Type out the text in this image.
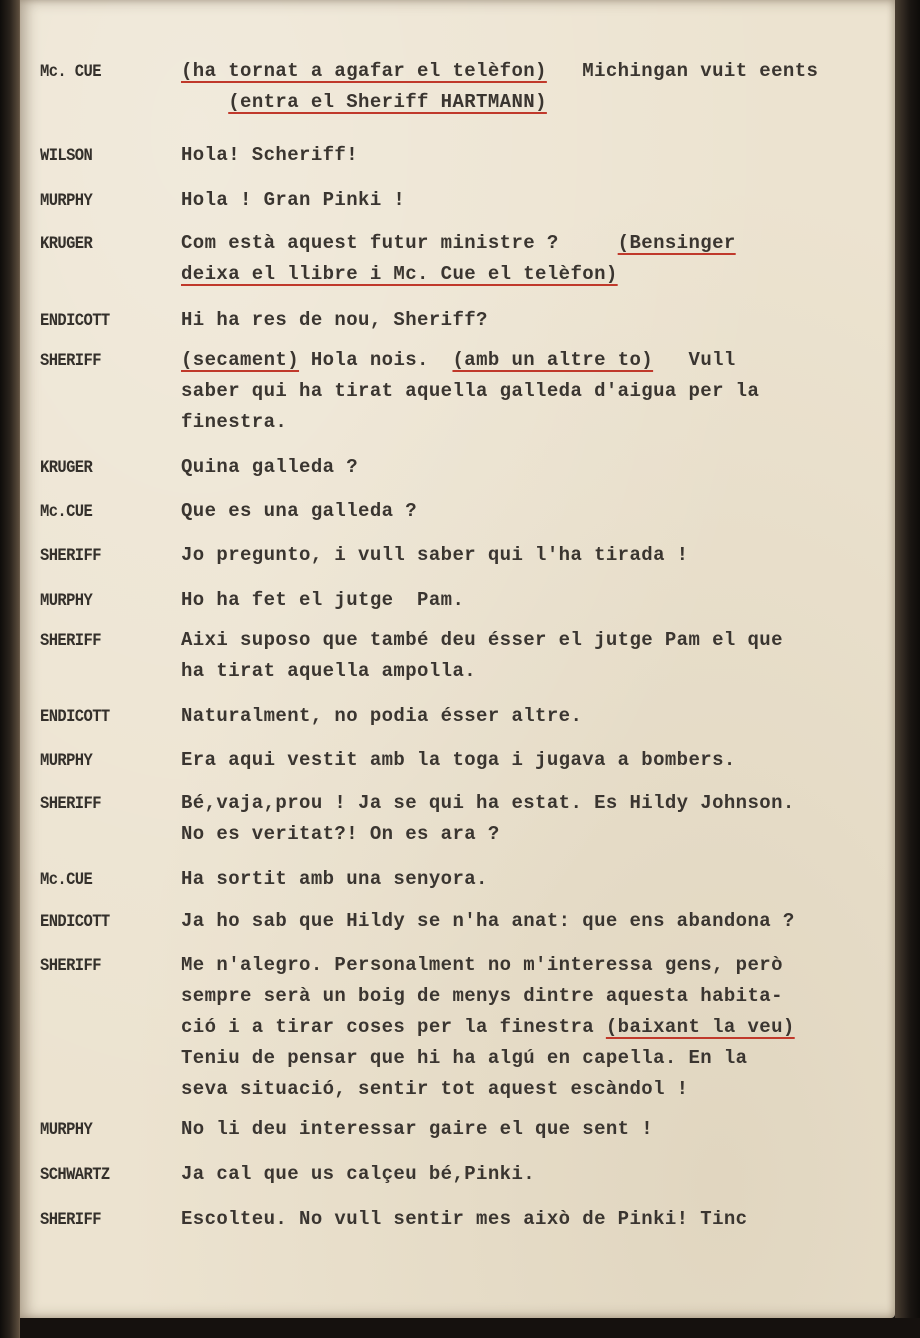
Mc. CUE	(ha tornat a agafar el telèfon)   Michingan vuit eents
(entra el Sheriff HARTMANN)
WILSON	Hola! Scheriff!
MURPHY	Hola ! Gran Pinki !
KRUGER	Com està aquest futur ministre ?     (Bensinger
deixa el llibre i Mc. Cue el telèfon)
ENDICOTT	Hi ha res de nou, Sheriff?
SHERIFF	(secament) Hola nois.  (amb un altre to)   Vull
saber qui ha tirat aquella galleda d'aigua per la
finestra.
KRUGER	Quina galleda ?
Mc.CUE	Que es una galleda ?
SHERIFF	Jo pregunto, i vull saber qui l'ha tirada !
MURPHY	Ho ha fet el jutge  Pam.
SHERIFF	Aixi suposo que també deu ésser el jutge Pam el que
ha tirat aquella ampolla.
ENDICOTT	Naturalment, no podia ésser altre.
MURPHY	Era aqui vestit amb la toga i jugava a bombers.
SHERIFF	Bé,vaja,prou ! Ja se qui ha estat. Es Hildy Johnson.
No es veritat?! On es ara ?
Mc.CUE	Ha sortit amb una senyora.
ENDICOTT	Ja ho sab que Hildy se n'ha anat: que ens abandona ?
SHERIFF	Me n'alegro. Personalment no m'interessa gens, però
sempre serà un boig de menys dintre aquesta habita-
ció i a tirar coses per la finestra (baixant la veu)
Teniu de pensar que hi ha algú en capella. En la
seva situació, sentir tot aquest escàndol !
MURPHY	No li deu interessar gaire el que sent !
SCHWARTZ	Ja cal que us calçeu bé,Pinki.
SHERIFF	Escolteu. No vull sentir mes això de Pinki! Tinc
